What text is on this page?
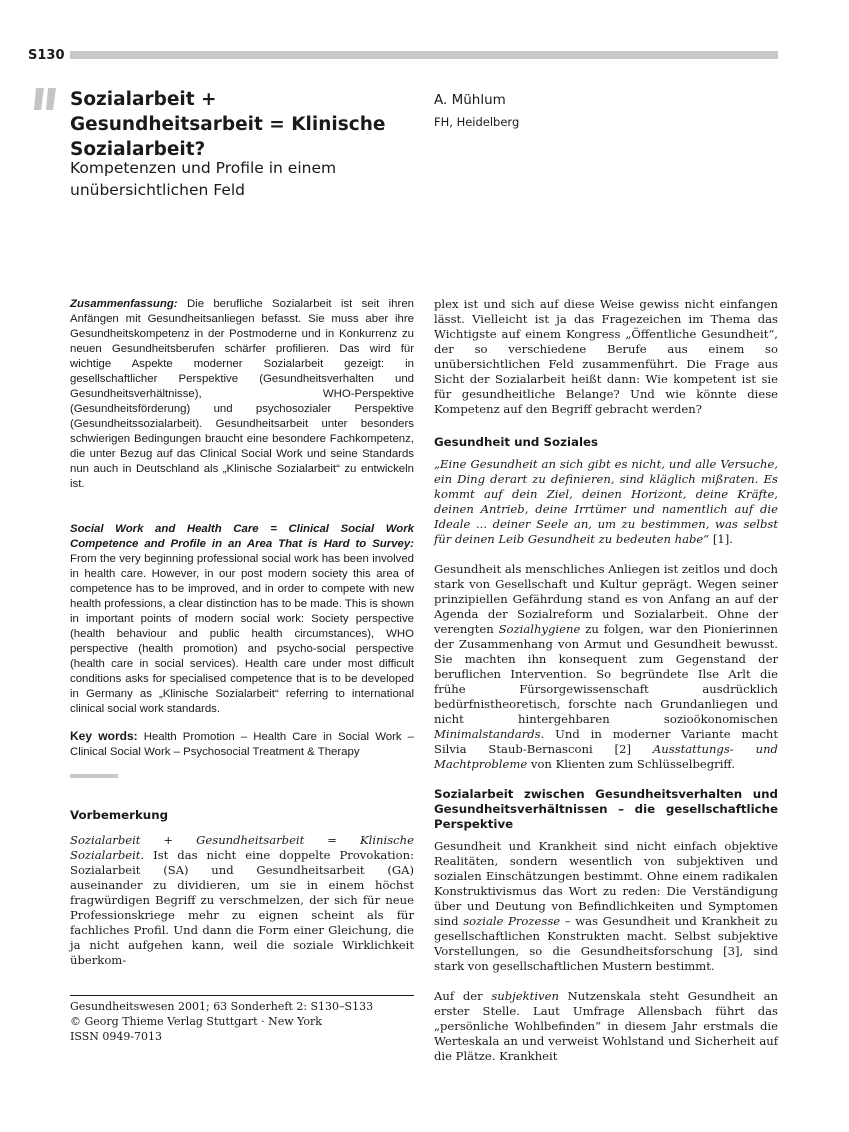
S130
Sozialarbeit + Gesundheitsarbeit = Klinische Sozialarbeit?
A. Mühlum
FH, Heidelberg
Kompetenzen und Profile in einem unübersichtlichen Feld

Zusammenfassung: Die berufliche Sozialarbeit ist seit ihren Anfängen mit Gesundheitsanliegen befasst. Sie muss aber ihre Gesundheitskompetenz in der Postmoderne und in Konkurrenz zu neuen Gesundheitsberufen schärfer profilieren. Das wird für wichtige Aspekte moderner Sozialarbeit gezeigt: in gesellschaftlicher Perspektive (Gesundheitsverhalten und Gesundheitsverhältnisse), WHO-Perspektive (Gesundheitsförderung) und psychosozialer Perspektive (Gesundheitssozialarbeit). Gesundheitsarbeit unter besonders schwierigen Bedingungen braucht eine besondere Fachkompetenz, die unter Bezug auf das Clinical Social Work und seine Standards nun auch in Deutschland als „Klinische Sozialarbeit“ zu entwickeln ist.

Social Work and Health Care = Clinical Social Work Competence and Profile in an Area That is Hard to Survey: From the very beginning professional social work has been involved in health care. However, in our post modern society this area of competence has to be improved, and in order to compete with new health professions, a clear distinction has to be made. This is shown in important points of modern social work: Society perspective (health behaviour and public health circumstances), WHO perspective (health promotion) and psycho-social perspective (health care in social services). Health care under most difficult conditions asks for specialised competence that is to be developed in Germany as „Klinische Sozialarbeit“ referring to international clinical social work standards.

Key words: Health Promotion – Health Care in Social Work – Clinical Social Work – Psychosocial Treatment & Therapy

Vorbemerkung

Sozialarbeit + Gesundheitsarbeit = Klinische Sozialarbeit. Ist das nicht eine doppelte Provokation: Sozialarbeit (SA) und Gesundheitsarbeit (GA) auseinander zu dividieren, um sie in einem höchst fragwürdigen Begriff zu verschmelzen, der sich für neue Professionskriege mehr zu eignen scheint als für fachliches Profil. Und dann die Form einer Gleichung, die ja nicht aufgehen kann, weil die soziale Wirklichkeit überkom-

plex ist und sich auf diese Weise gewiss nicht einfangen lässt. Vielleicht ist ja das Fragezeichen im Thema das Wichtigste auf einem Kongress „Öffentliche Gesundheit“, der so verschiedene Berufe aus einem so unübersichtlichen Feld zusammenführt. Die Frage aus Sicht der Sozialarbeit heißt dann: Wie kompetent ist sie für gesundheitliche Belange? Und wie könnte diese Kompetenz auf den Begriff gebracht werden?

Gesundheit und Soziales

„Eine Gesundheit an sich gibt es nicht, und alle Versuche, ein Ding derart zu definieren, sind kläglich mißraten. Es kommt auf dein Ziel, deinen Horizont, deine Kräfte, deinen Antrieb, deine Irrtümer und namentlich auf die Ideale ... deiner Seele an, um zu bestimmen, was selbst für deinen Leib Gesundheit zu bedeuten habe“ [1].

Gesundheit als menschliches Anliegen ist zeitlos und doch stark von Gesellschaft und Kultur geprägt. Wegen seiner prinzipiellen Gefährdung stand es von Anfang an auf der Agenda der Sozialreform und Sozialarbeit. Ohne der verengten Sozialhygiene zu folgen, war den Pionierinnen der Zusammenhang von Armut und Gesundheit bewusst. Sie machten ihn konsequent zum Gegenstand der beruflichen Intervention. So begründete Ilse Arlt die frühe Fürsorgewissenschaft ausdrücklich bedürfnistheoretisch, forschte nach Grundanliegen und nicht hintergehbaren sozioökonomischen Minimalstandards. Und in moderner Variante macht Silvia Staub-Bernasconi [2] Ausstattungs- und Machtprobleme von Klienten zum Schlüsselbegriff.

Sozialarbeit zwischen Gesundheitsverhalten und Gesundheitsverhältnissen – die gesellschaftliche Perspektive

Gesundheit und Krankheit sind nicht einfach objektive Realitäten, sondern wesentlich von subjektiven und sozialen Einschätzungen bestimmt. Ohne einem radikalen Konstruktivismus das Wort zu reden: Die Verständigung über und Deutung von Befindlichkeiten und Symptomen sind soziale Prozesse – was Gesundheit und Krankheit zu gesellschaftlichen Konstrukten macht. Selbst subjektive Vorstellungen, so die Gesundheitsforschung [3], sind stark von gesellschaftlichen Mustern bestimmt.

Auf der subjektiven Nutzenskala steht Gesundheit an erster Stelle. Laut Umfrage Allensbach führt das „persönliche Wohlbefinden“ in diesem Jahr erstmals die Werteskala an und verweist Wohlstand und Sicherheit auf die Plätze. Krankheit

Gesundheitswesen 2001; 63 Sonderheft 2: S130–S133
© Georg Thieme Verlag Stuttgart · New York
ISSN 0949-7013
